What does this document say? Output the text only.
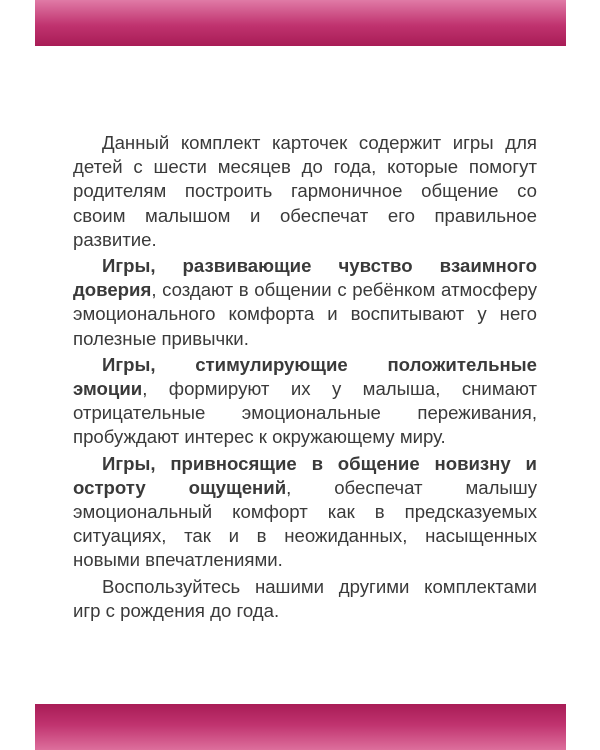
Данный комплект карточек содержит игры для детей с шести месяцев до года, которые помогут родителям построить гармоничное общение со своим малышом и обеспечат его правильное развитие.

Игры, развивающие чувство взаимного доверия, создают в общении с ребёнком атмосферу эмоционального комфорта и воспитывают у него полезные привычки.

Игры, стимулирующие положительные эмоции, формируют их у малыша, снимают отрицательные эмоциональные переживания, пробуждают интерес к окружающему миру.

Игры, привносящие в общение новизну и остроту ощущений, обеспечат малышу эмоциональный комфорт как в предсказуемых ситуациях, так и в неожиданных, насыщенных новыми впечатлениями.

Воспользуйтесь нашими другими комплектами игр с рождения до года.
